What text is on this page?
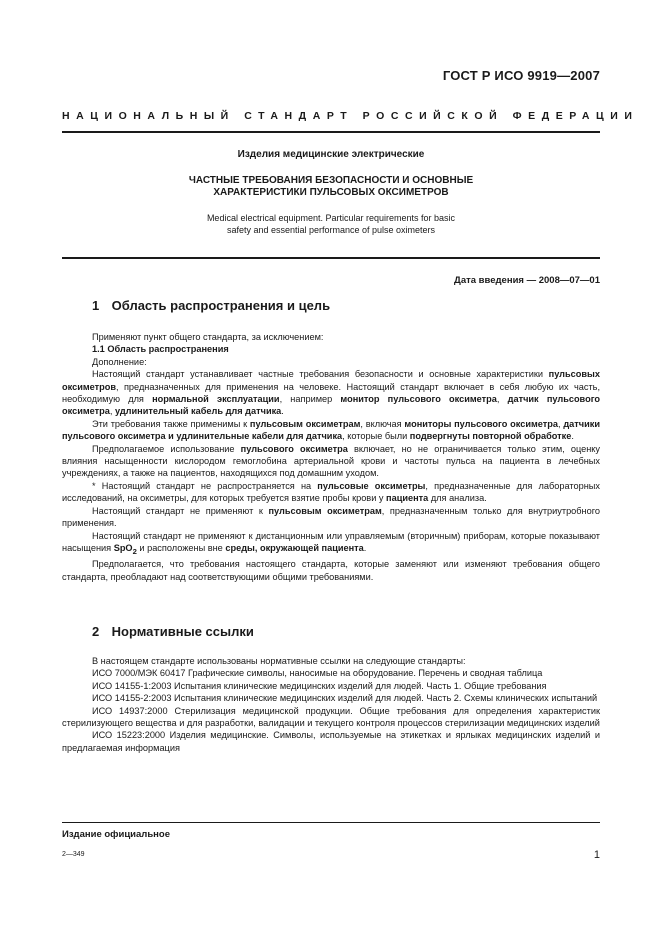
ГОСТ Р ИСО 9919—2007
НАЦИОНАЛЬНЫЙ СТАНДАРТ РОССИЙСКОЙ ФЕДЕРАЦИИ
Изделия медицинские электрические
ЧАСТНЫЕ ТРЕБОВАНИЯ БЕЗОПАСНОСТИ И ОСНОВНЫЕ
ХАРАКТЕРИСТИКИ ПУЛЬСОВЫХ ОКСИМЕТРОВ
Medical electrical equipment. Particular requirements for basic
safety and essential performance of pulse oximeters
Дата введения — 2008—07—01
1 Область распространения и цель

Применяют пункт общего стандарта, за исключением:

1.1 Область распространения

Дополнение:

Настоящий стандарт устанавливает частные требования безопасности и основные характеристики пульсовых оксиметров, предназначенных для применения на человеке. Настоящий стандарт включает в себя любую их часть, необходимую для нормальной эксплуатации, например монитор пульсового оксиметра, датчик пульсового оксиметра, удлинительный кабель для датчика.

Эти требования также применимы к пульсовым оксиметрам, включая мониторы пульсового оксиметра, датчики пульсового оксиметра и удлинительные кабели для датчика, которые были подвергнуты повторной обработке.

Предполагаемое использование пульсового оксиметра включает, но не ограничивается только этим, оценку влияния насыщенности кислородом гемоглобина артериальной крови и частоты пульса на пациента в лечебных учреждениях, а также на пациентов, находящихся под домашним уходом.

* Настоящий стандарт не распространяется на пульсовые оксиметры, предназначенные для лабораторных исследований, на оксиметры, для которых требуется взятие пробы крови у пациента для анализа.

Настоящий стандарт не применяют к пульсовым оксиметрам, предназначенным только для внутриутробного применения.

Настоящий стандарт не применяют к дистанционным или управляемым (вторичным) приборам, которые показывают насыщения SpO$_2$ и расположены вне среды, окружающей пациента.

Предполагается, что требования настоящего стандарта, которые заменяют или изменяют требования общего стандарта, преобладают над соответствующими общими требованиями.

2 Нормативные ссылки

В настоящем стандарте использованы нормативные ссылки на следующие стандарты:

ИСО 7000/МЭК 60417 Графические символы, наносимые на оборудование. Перечень и сводная таблица

ИСО 14155-1:2003 Испытания клинические медицинских изделий для людей. Часть 1. Общие требования

ИСО 14155-2:2003 Испытания клинические медицинских изделий для людей. Часть 2. Схемы клинических испытаний

ИСО 14937:2000 Стерилизация медицинской продукции. Общие требования для определения характеристик стерилизующего вещества и для разработки, валидации и текущего контроля процессов стерилизации медицинских изделий

ИСО 15223:2000 Изделия медицинские. Символы, используемые на этикетках и ярлыках медицинских изделий и предлагаемая информация

Издание официальное
2—349	1
